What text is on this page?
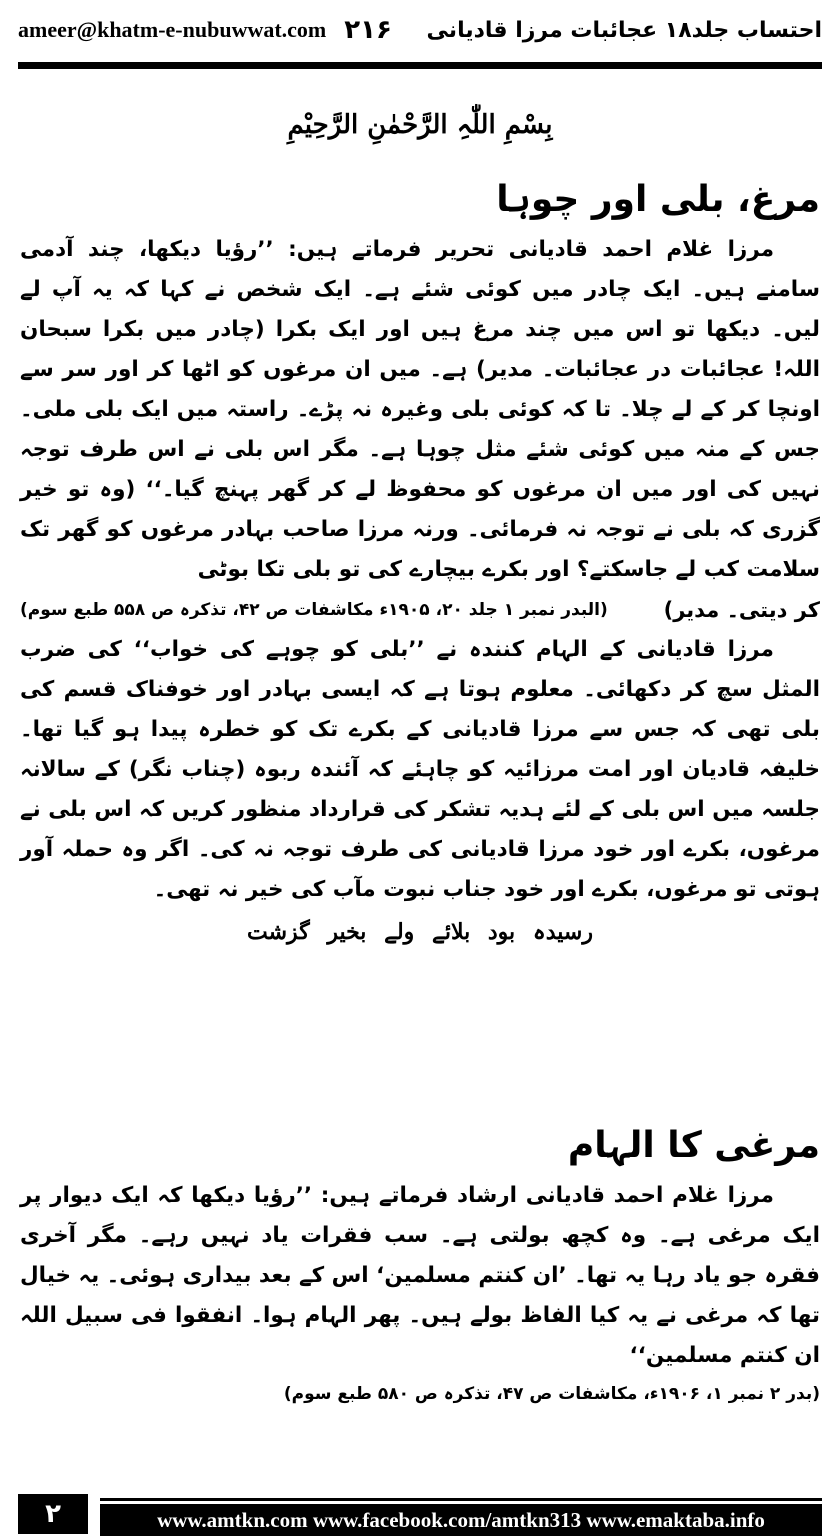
ameer@khatm-e-nubuwwat.com ۲۱۶ احتساب جلد۱۸ عجائبات مرزا قادیانی
بِسْمِ اللّٰہِ الرَّحْمٰنِ الرَّحِیْمِ
مرغ، بلی اور چوہا
مرزا غلام احمد قادیانی تحریر فرماتے ہیں: ’’رؤیا دیکھا، چند آدمی سامنے ہیں۔ ایک چادر میں کوئی شئے ہے۔ ایک شخص نے کہا کہ یہ آپ لے لیں۔ دیکھا تو اس میں چند مرغ ہیں اور ایک بکرا (چادر میں بکرا سبحان اللہ! عجائبات در عجائبات۔ مدیر) ہے۔ میں ان مرغوں کو اٹھا کر اور سر سے اونچا کر کے لے چلا۔ تا کہ کوئی بلی وغیرہ نہ پڑے۔ راستہ میں ایک بلی ملی۔ جس کے منہ میں کوئی شئے مثل چوہا ہے۔ مگر اس بلی نے اس طرف توجہ نہیں کی اور میں ان مرغوں کو محفوظ لے کر گھر پہنچ گیا۔‘‘ (وہ تو خیر گزری کہ بلی نے توجہ نہ فرمائی۔ ورنہ مرزا صاحب بہادر مرغوں کو گھر تک سلامت کب لے جاسکتے؟ اور بکرے بیچارے کی تو بلی تکا بوٹی
کر دیتی۔ مدیر)
(البدر نمبر ۱ جلد ۲۰، ۱۹۰۵ء مکاشفات ص ۴۲، تذکرہ ص ۵۵۸ طبع سوم)
مرزا قادیانی کے الہام کنندہ نے ’’بلی کو چوہے کی خواب‘‘ کی ضرب المثل سچ کر دکھائی۔ معلوم ہوتا ہے کہ ایسی بہادر اور خوفناک قسم کی بلی تھی کہ جس سے مرزا قادیانی کے بکرے تک کو خطرہ پیدا ہو گیا تھا۔ خلیفہ قادیان اور امت مرزائیہ کو چاہئے کہ آئندہ ربوہ (چناب نگر) کے سالانہ جلسہ میں اس بلی کے لئے ہدیہ تشکر کی قرارداد منظور کریں کہ اس بلی نے مرغوں، بکرے اور خود مرزا قادیانی کی طرف توجہ نہ کی۔ اگر وہ حملہ آور ہوتی تو مرغوں، بکرے اور خود جناب نبوت مآب کی خیر نہ تھی۔
رسیدہ بود بلائے ولے بخیر گزشت
مرغی کا الہام
مرزا غلام احمد قادیانی ارشاد فرماتے ہیں: ’’رؤیا دیکھا کہ ایک دیوار پر ایک مرغی ہے۔ وہ کچھ بولتی ہے۔ سب فقرات یاد نہیں رہے۔ مگر آخری فقرہ جو یاد رہا یہ تھا۔ ’ان کنتم مسلمین‘ اس کے بعد بیداری ہوئی۔ یہ خیال تھا کہ مرغی نے یہ کیا الفاظ بولے ہیں۔ پھر الہام ہوا۔ انفقوا فی سبیل اللہ ان کنتم مسلمین‘‘
(بدر ۲ نمبر ۱، ۱۹۰۶ء، مکاشفات ص ۴۷، تذکرہ ص ۵۸۰ طبع سوم)
۲	www.amtkn.com www.facebook.com/amtkn313 www.emaktaba.info
